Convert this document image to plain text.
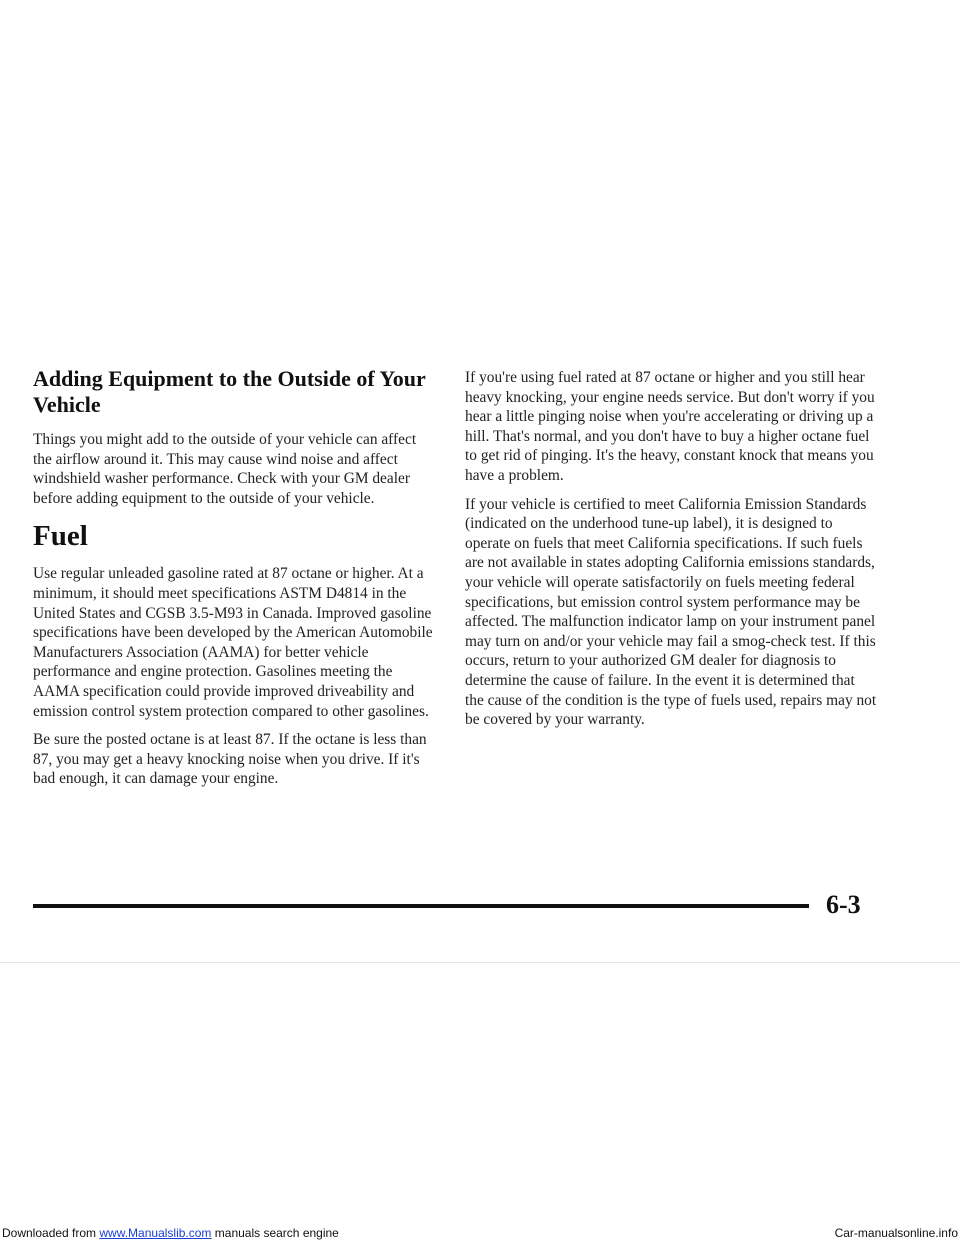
Adding Equipment to the Outside of Your Vehicle

Things you might add to the outside of your vehicle can affect the airflow around it. This may cause wind noise and affect windshield washer performance. Check with your GM dealer before adding equipment to the outside of your vehicle.

Fuel

Use regular unleaded gasoline rated at 87 octane or higher. At a minimum, it should meet specifications ASTM D4814 in the United States and CGSB 3.5-M93 in Canada. Improved gasoline specifications have been developed by the American Automobile Manufacturers Association (AAMA) for better vehicle performance and engine protection. Gasolines meeting the AAMA specification could provide improved driveability and emission control system protection compared to other gasolines.

Be sure the posted octane is at least 87. If the octane is less than 87, you may get a heavy knocking noise when you drive. If it's bad enough, it can damage your engine.

If you're using fuel rated at 87 octane or higher and you still hear heavy knocking, your engine needs service. But don't worry if you hear a little pinging noise when you're accelerating or driving up a hill. That's normal, and you don't have to buy a higher octane fuel to get rid of pinging. It's the heavy, constant knock that means you have a problem.

If your vehicle is certified to meet California Emission Standards (indicated on the underhood tune-up label), it is designed to operate on fuels that meet California specifications. If such fuels are not available in states adopting California emissions standards, your vehicle will operate satisfactorily on fuels meeting federal specifications, but emission control system performance may be affected. The malfunction indicator lamp on your instrument panel may turn on and/or your vehicle may fail a smog-check test. If this occurs, return to your authorized GM dealer for diagnosis to determine the cause of failure. In the event it is determined that the cause of the condition is the type of fuels used, repairs may not be covered by your warranty.

6-3
Downloaded from www.Manualslib.com manuals search engine	Car-manualsonline.info
